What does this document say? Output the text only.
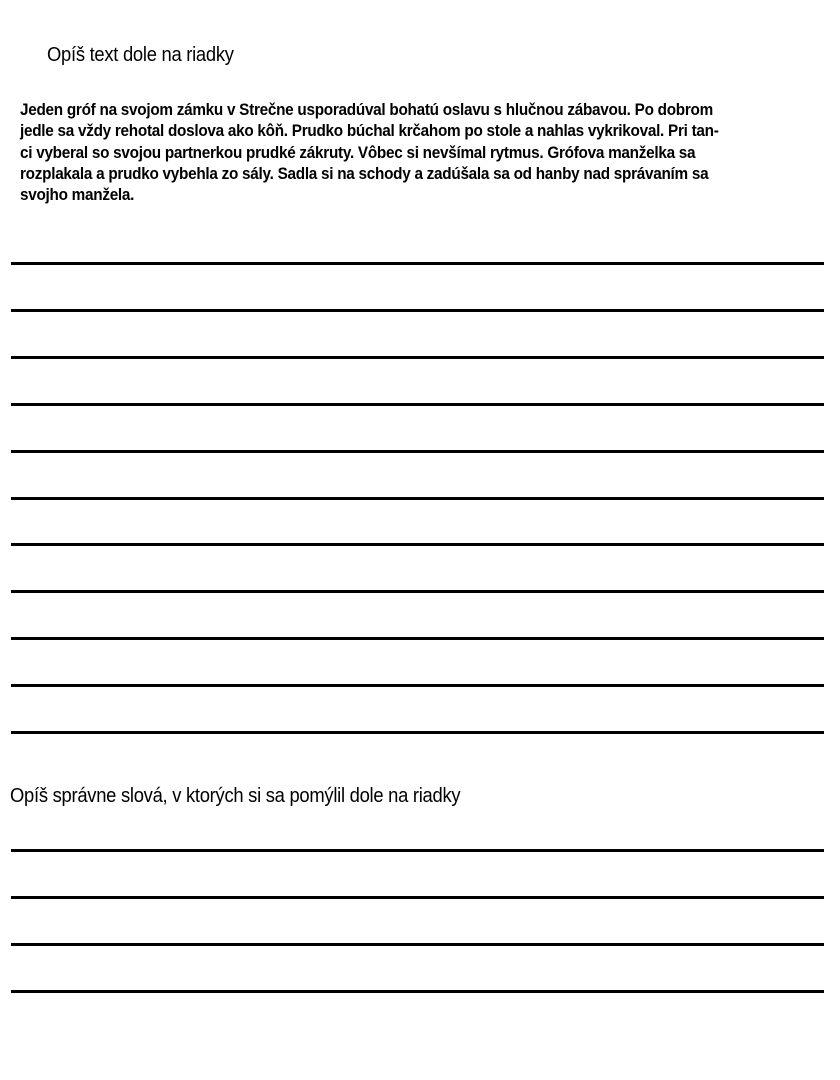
Opíš text dole na riadky
Jeden gróf na svojom zámku v Strečne usporadúval bohatú oslavu s hlučnou zábavou. Po dobrom
jedle sa vždy rehotal doslova ako kôň. Prudko búchal krčahom po stole a nahlas vykrikoval. Pri tan-
ci vyberal so svojou partnerkou prudké zákruty. Vôbec si nevšímal rytmus. Grófova manželka sa
rozplakala a prudko vybehla zo sály. Sadla si na schody a zadúšala sa od hanby nad správaním sa
svojho manžela.
Opíš správne slová, v ktorých si sa pomýlil dole na riadky
